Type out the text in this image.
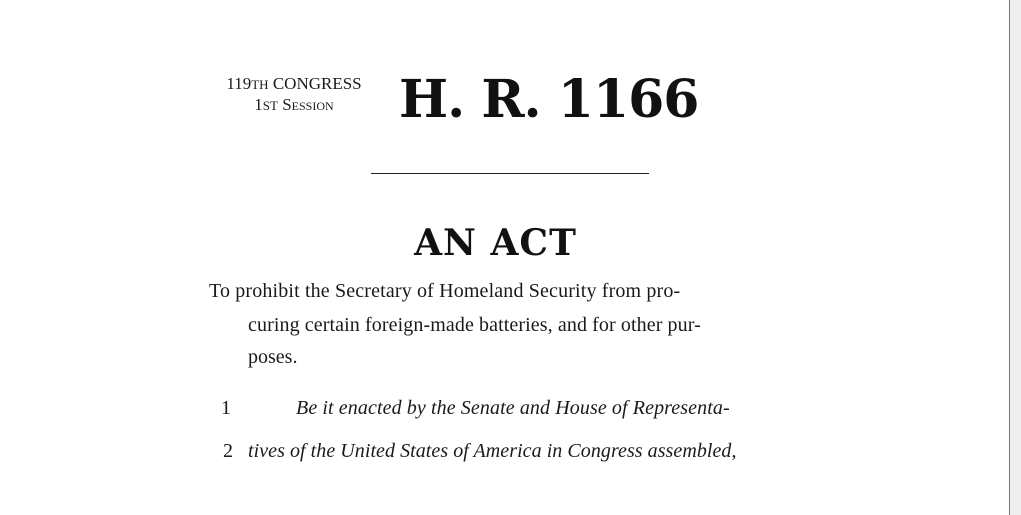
119TH CONGRESS
1ST Session	H. R. 1166
AN ACT
To prohibit the Secretary of Homeland Security from pro-
curing certain foreign-made batteries, and for other pur-
poses.
1	Be it enacted by the Senate and House of Representa-
2 tives of the United States of America in Congress assembled,
